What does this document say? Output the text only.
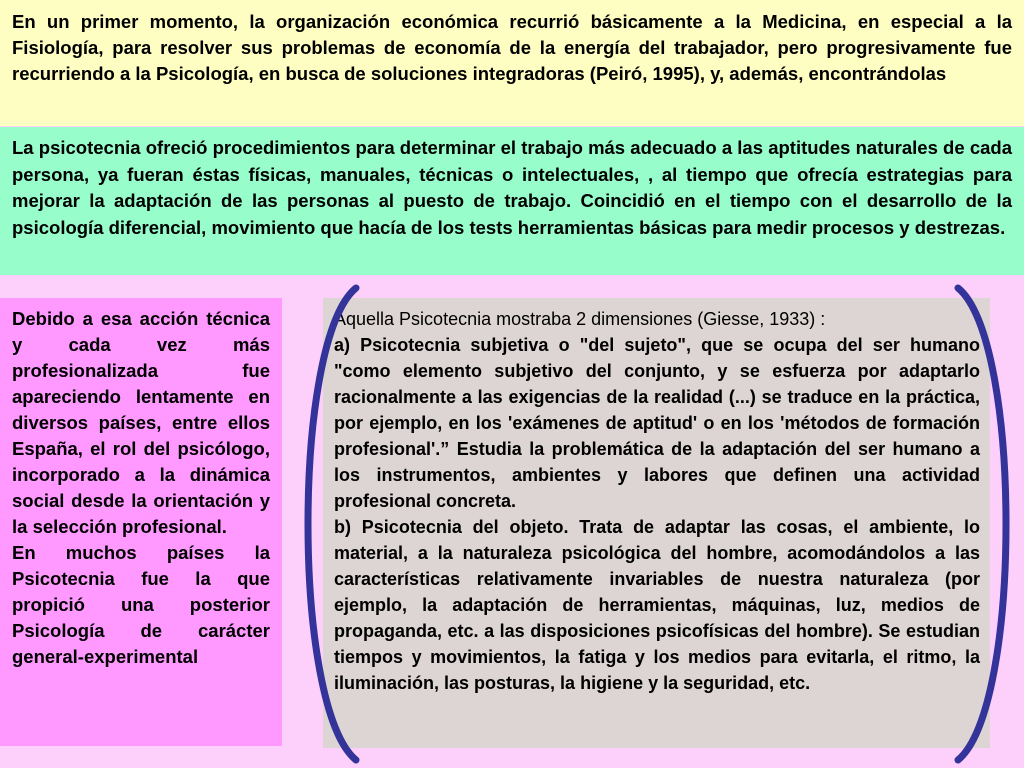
En un primer momento, la organización económica recurrió básicamente a la Medicina, en especial a la Fisiología, para resolver sus problemas de economía de la energía del trabajador, pero progresivamente fue recurriendo a la Psicología, en busca de soluciones integradoras (Peiró, 1995), y, además, encontrándolas

La psicotecnia ofreció procedimientos para determinar el trabajo más adecuado a las aptitudes naturales de cada persona, ya fueran éstas físicas, manuales, técnicas o intelectuales, , al tiempo que ofrecía estrategias para mejorar la adaptación de las personas al puesto de trabajo. Coincidió en el tiempo con el desarrollo de la psicología diferencial, movimiento que hacía de los tests herramientas básicas para medir procesos y destrezas.

Debido a esa acción técnica y cada vez más profesionalizada fue apareciendo lentamente en diversos países, entre ellos España, el rol del psicólogo, incorporado a la dinámica social desde la orientación y la selección profesional.

En muchos países la Psicotecnia fue la que propició una posterior Psicología de carácter general-experimental

Aquella Psicotecnia mostraba 2 dimensiones (Giesse, 1933) :

a) Psicotecnia subjetiva o "del sujeto", que se ocupa del ser humano "como elemento subjetivo del conjunto, y se esfuerza por adaptarlo racionalmente a las exigencias de la realidad (...) se traduce en la práctica, por ejemplo, en los 'exámenes de aptitud' o en los 'métodos de formación profesional'.” Estudia la problemática de la adaptación del ser humano a los instrumentos, ambientes y labores que definen una actividad profesional concreta.

b) Psicotecnia del objeto. Trata de adaptar las cosas, el ambiente, lo material, a la naturaleza psicológica del hombre, acomodándolos a las características relativamente invariables de nuestra naturaleza (por ejemplo, la adaptación de herramientas, máquinas, luz, medios de propaganda, etc. a las disposiciones psicofísicas del hombre). Se estudian tiempos y movimientos, la fatiga y los medios para evitarla, el ritmo, la iluminación, las posturas, la higiene y la seguridad, etc.
